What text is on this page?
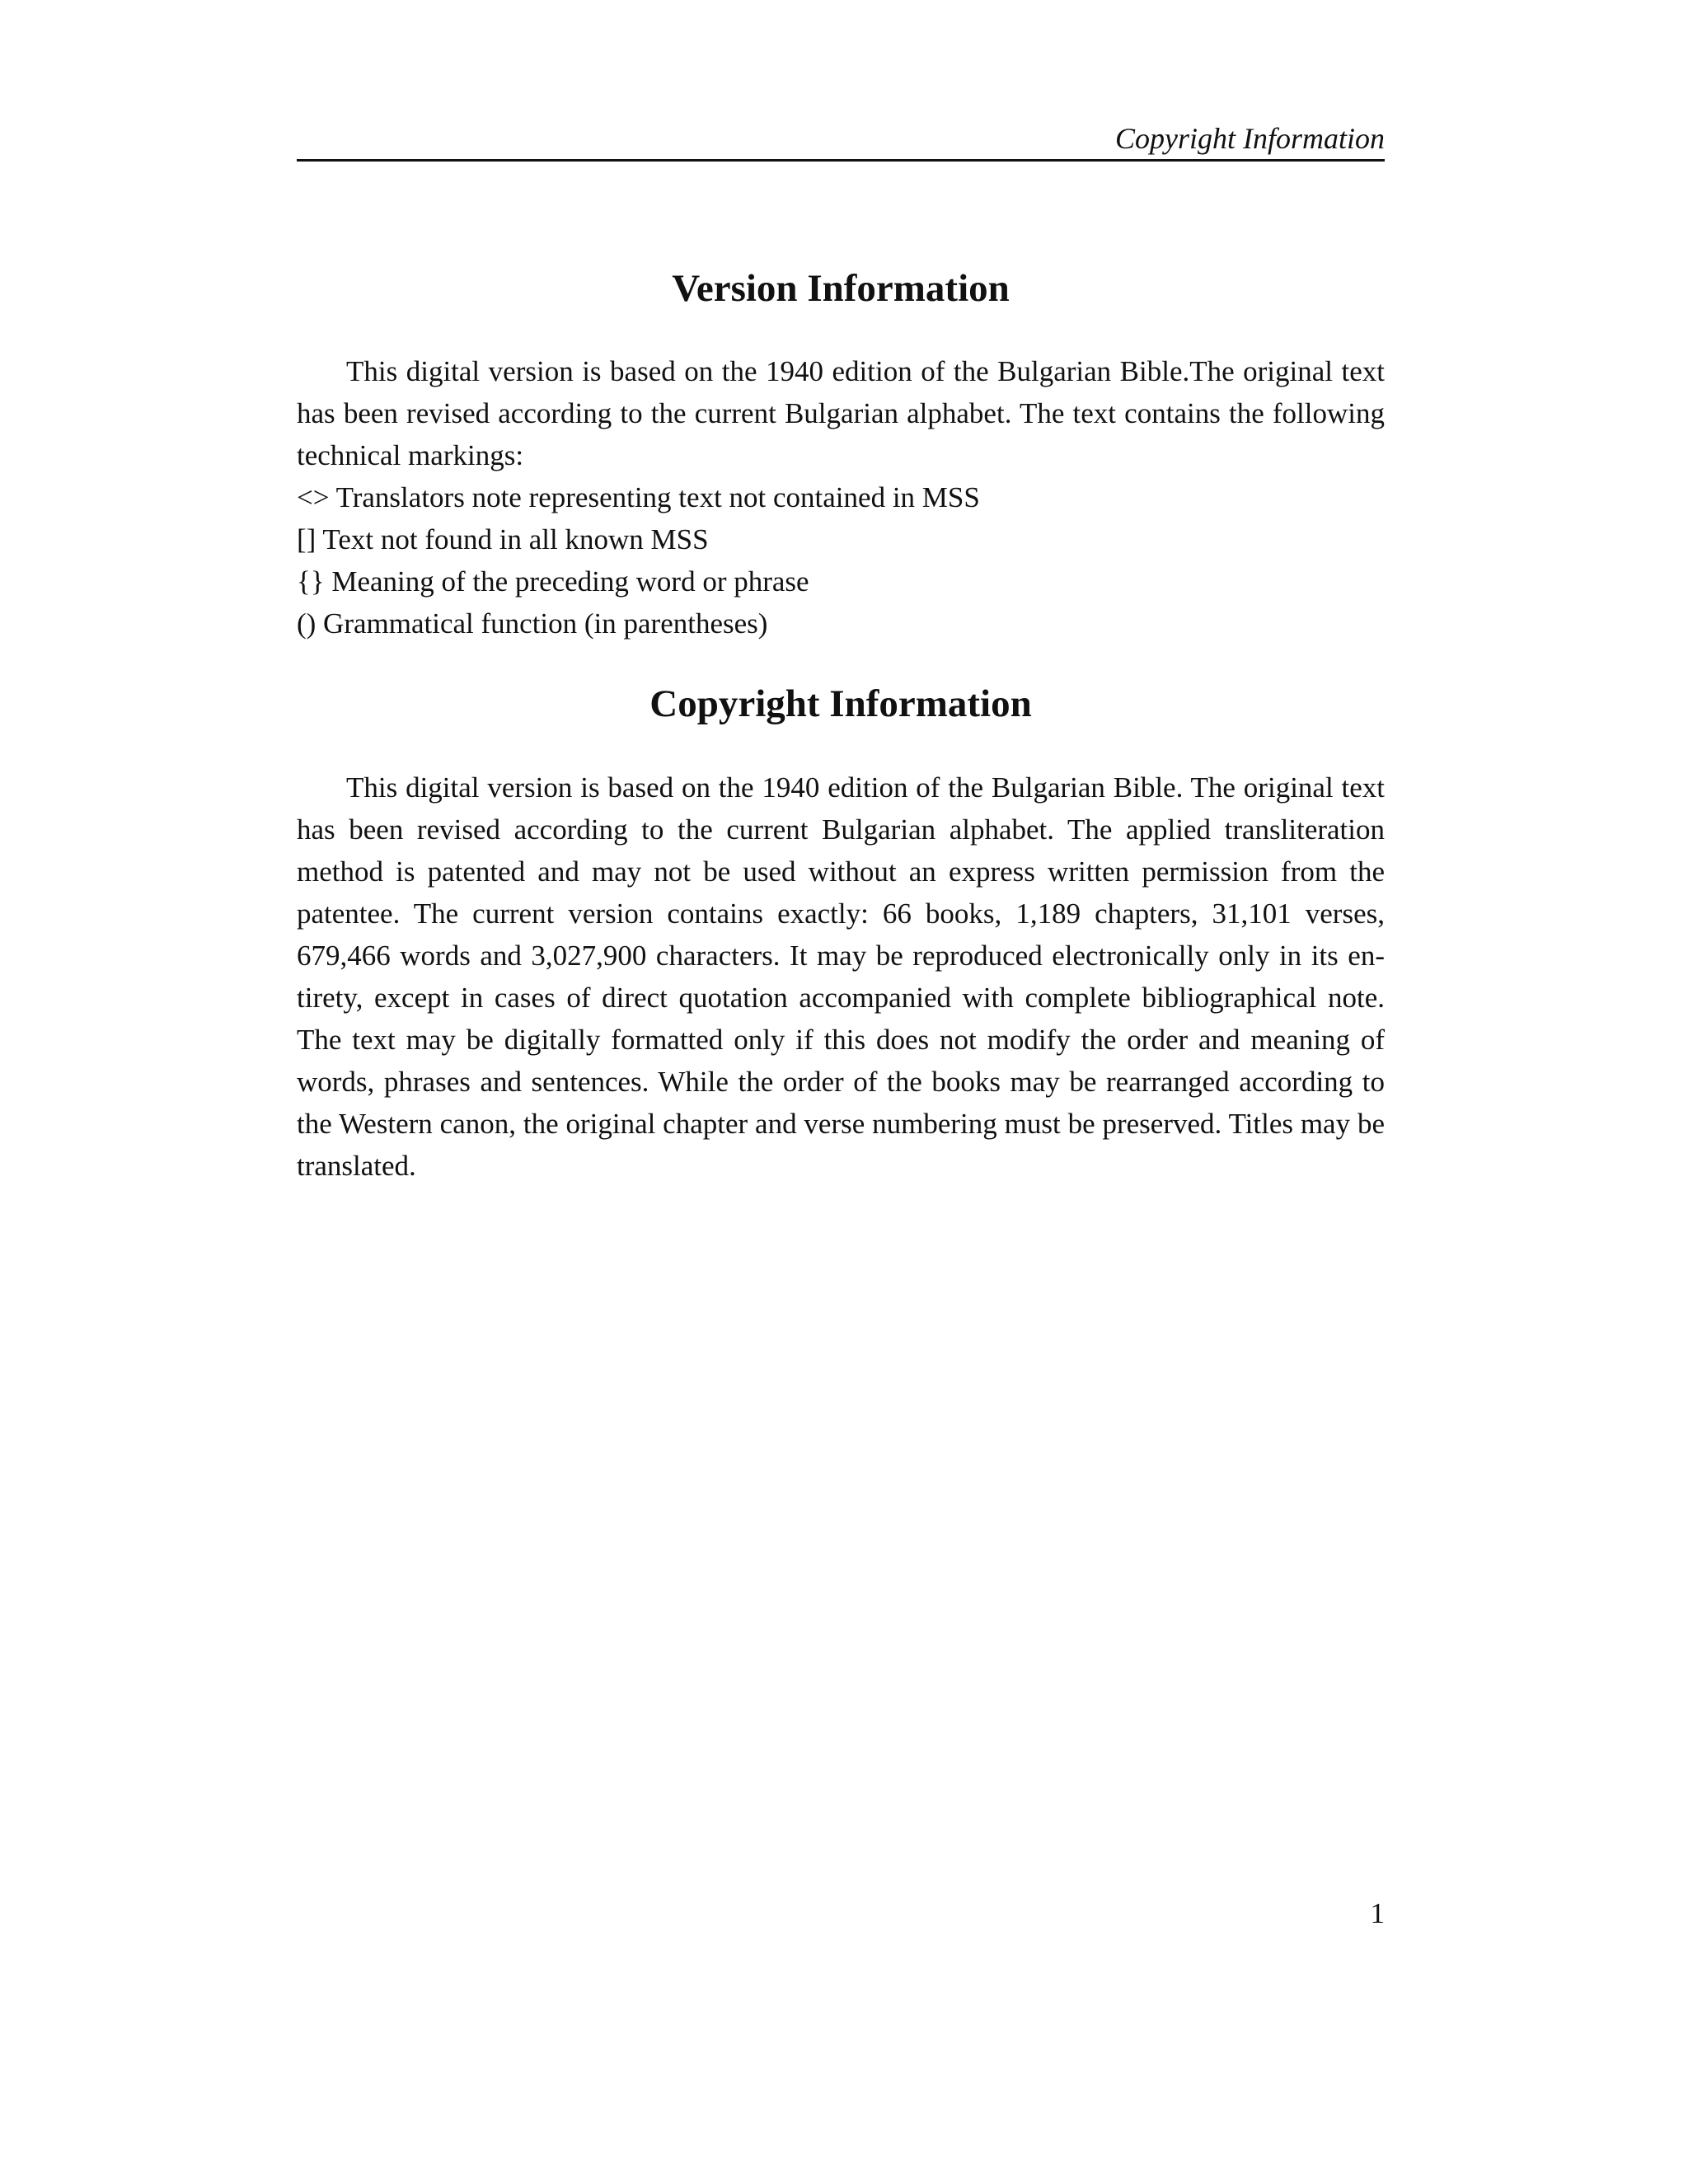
Copyright Information
Version Information

This digital version is based on the 1940 edition of the Bulgarian Bible.The original text has been revised according to the current Bulgarian alphabet. The text contains the following technical markings:

<> Translators note representing text not contained in MSS

[] Text not found in all known MSS

{} Meaning of the preceding word or phrase

() Grammatical function (in parentheses)

Copyright Information

This digital version is based on the 1940 edition of the Bulgarian Bible. The original text has been revised according to the current Bulgarian alphabet. The applied transliteration method is patented and may not be used without an express written permission from the patentee. The current version contains exactly: 66 books, 1,189 chapters, 31,101 verses, 679,466 words and 3,027,900 characters. It may be reproduced electronically only in its entirety, except in cases of direct quotation accompanied with complete bibliographical note. The text may be digitally formatted only if this does not modify the order and meaning of words, phrases and sentences. While the order of the books may be rearranged according to the Western canon, the original chapter and verse numbering must be preserved. Titles may be translated.

1
